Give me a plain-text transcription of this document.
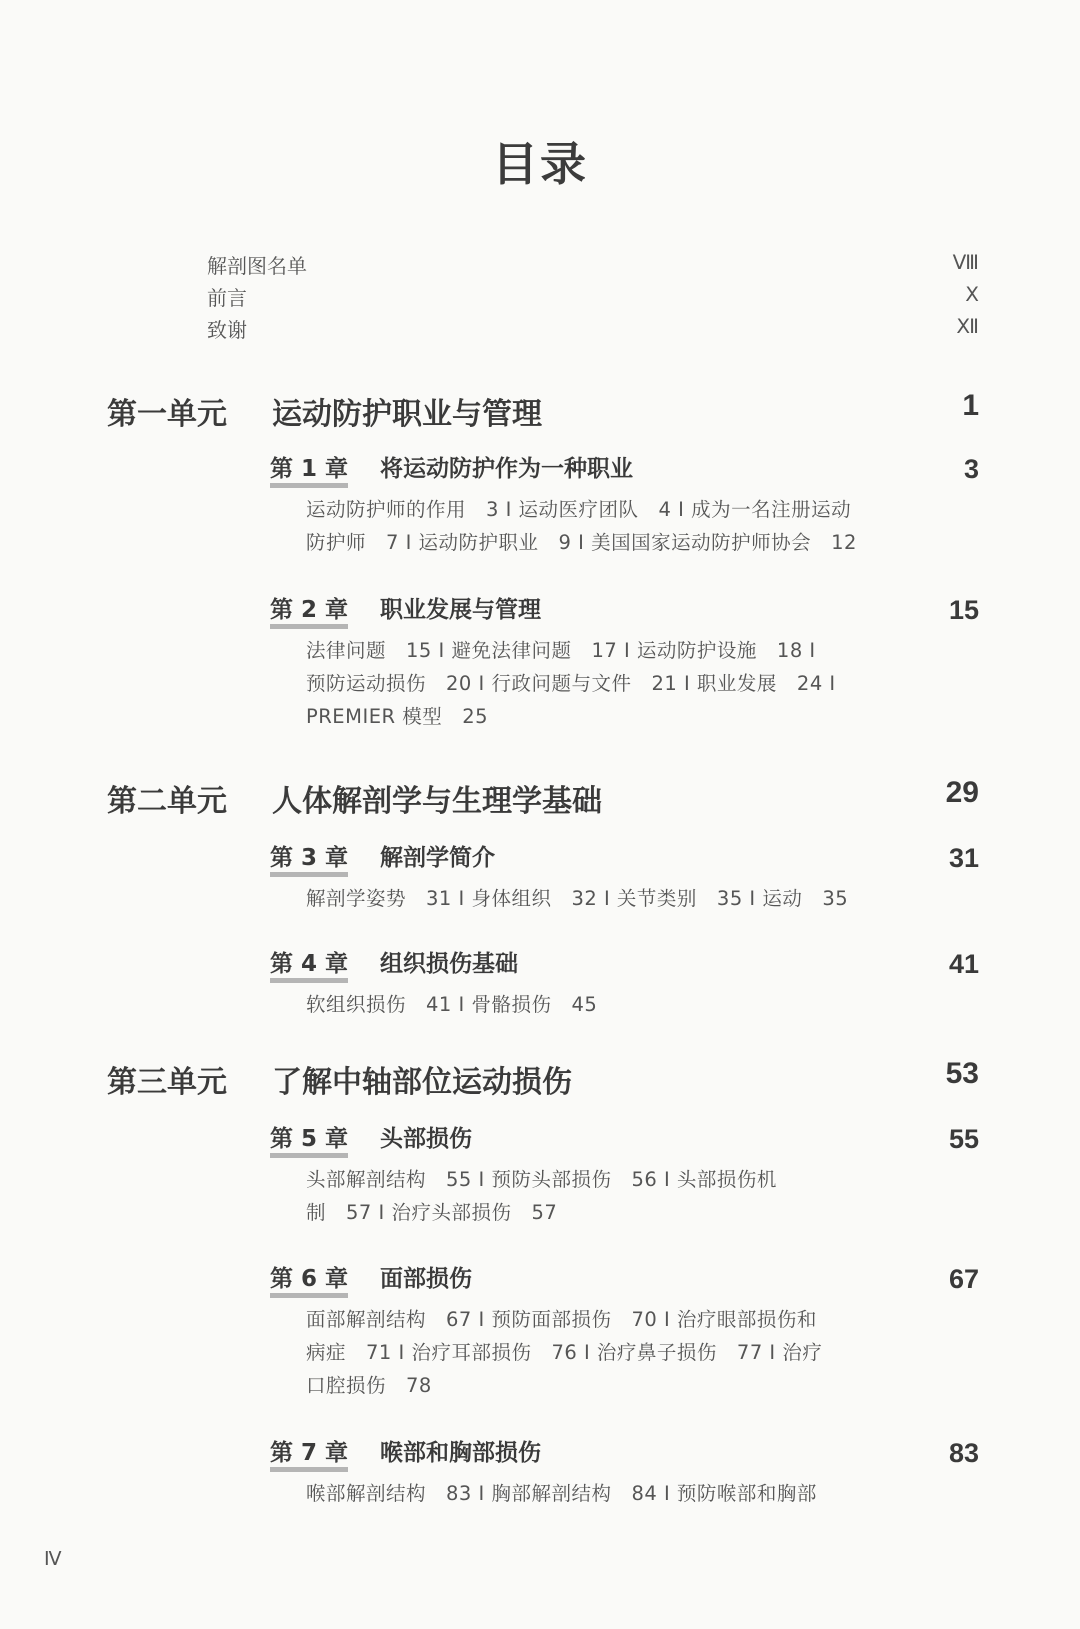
目录
解剖图名单	Ⅷ
前言	Ⅹ
致谢	Ⅻ
第一单元 运动防护职业与管理	1
第 1 章 将运动防护作为一种职业	3
运动防护师的作用　3 Ⅰ 运动医疗团队　4 Ⅰ 成为一名注册运动
防护师　7 Ⅰ 运动防护职业　9 Ⅰ 美国国家运动防护师协会　12
第 2 章 职业发展与管理	15
法律问题　15 Ⅰ 避免法律问题　17 Ⅰ 运动防护设施　18 Ⅰ
预防运动损伤　20 Ⅰ 行政问题与文件　21 Ⅰ 职业发展　24 Ⅰ
PREMIER 模型　25
第二单元 人体解剖学与生理学基础	29
第 3 章 解剖学简介	31
解剖学姿势　31 Ⅰ 身体组织　32 Ⅰ 关节类别　35 Ⅰ 运动　35
第 4 章 组织损伤基础	41
软组织损伤　41 Ⅰ 骨骼损伤　45
第三单元 了解中轴部位运动损伤	53
第 5 章 头部损伤	55
头部解剖结构　55 Ⅰ 预防头部损伤　56 Ⅰ 头部损伤机
制　57 Ⅰ 治疗头部损伤　57
第 6 章 面部损伤	67
面部解剖结构　67 Ⅰ 预防面部损伤　70 Ⅰ 治疗眼部损伤和
病症　71 Ⅰ 治疗耳部损伤　76 Ⅰ 治疗鼻子损伤　77 Ⅰ 治疗
口腔损伤　78
第 7 章 喉部和胸部损伤	83
喉部解剖结构　83 Ⅰ 胸部解剖结构　84 Ⅰ 预防喉部和胸部
Ⅳ
